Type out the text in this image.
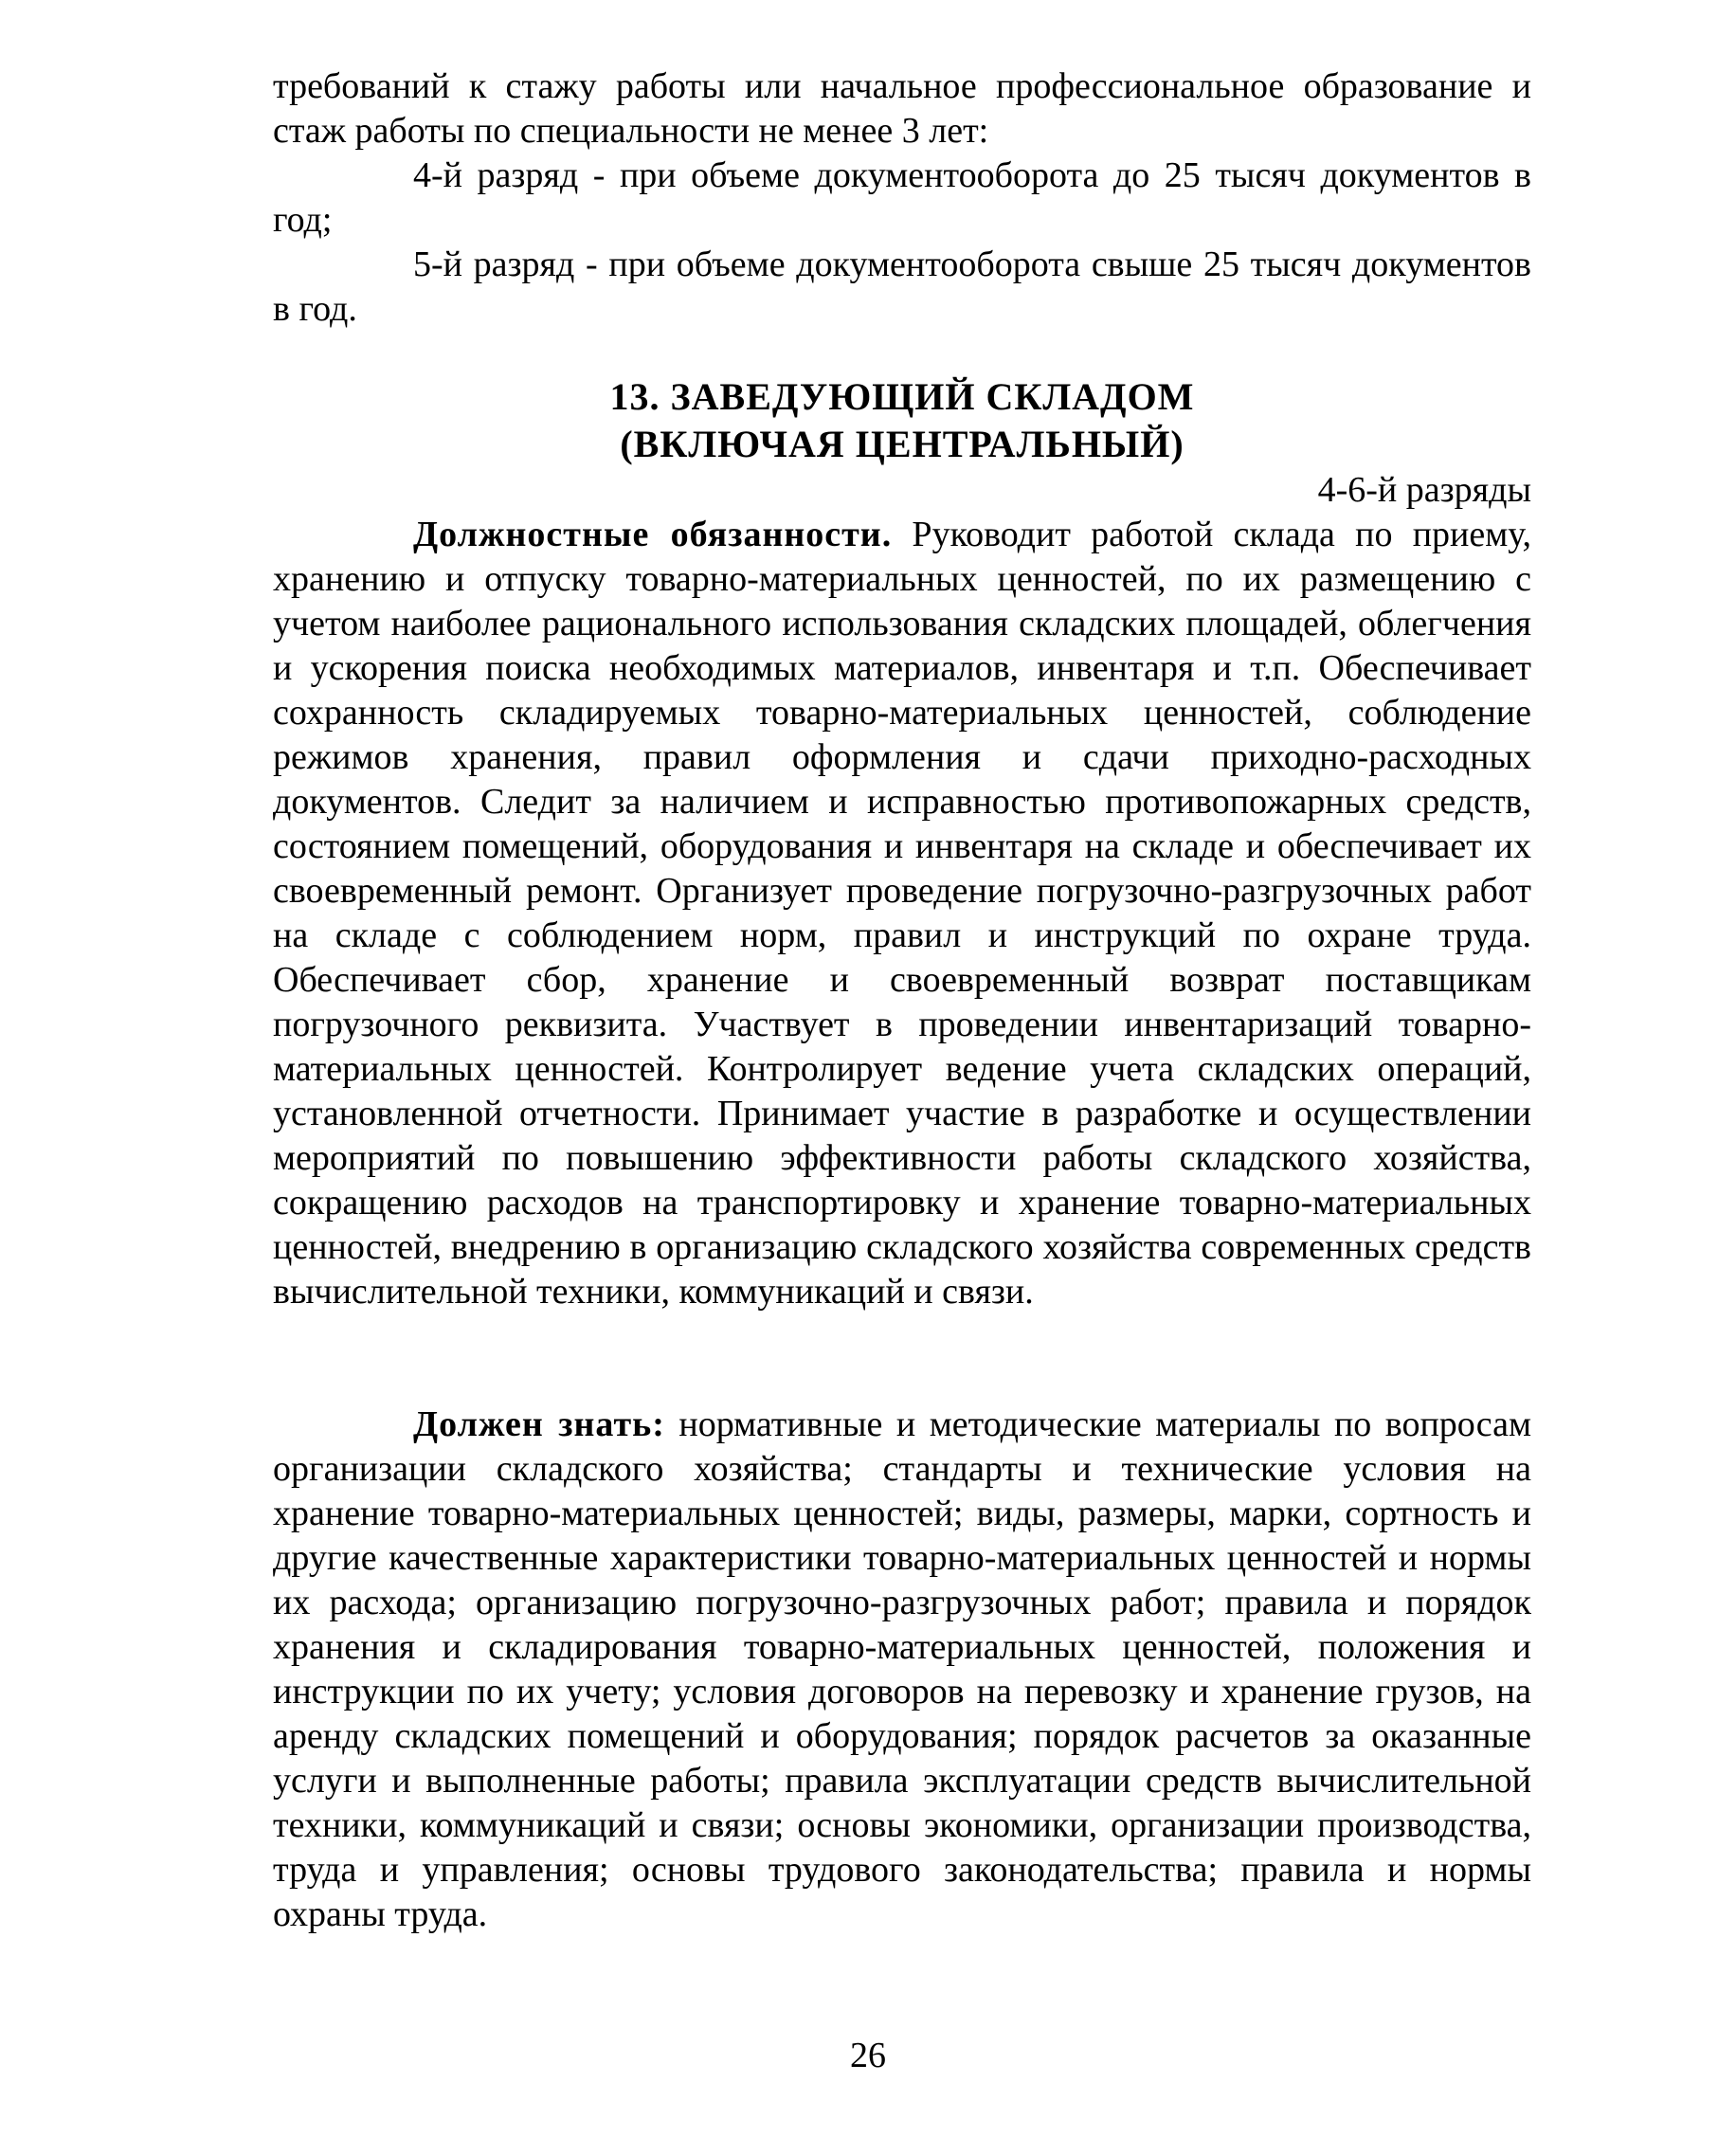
требований к стажу работы или начальное профессиональное образование и стаж работы по специальности не менее 3 лет:

4-й разряд - при объеме документооборота до 25 тысяч документов в год;

5-й разряд - при объеме документооборота свыше 25 тысяч документов в год.

13. ЗАВЕДУЮЩИЙ СКЛАДОМ
(ВКЛЮЧАЯ ЦЕНТРАЛЬНЫЙ)
4-6-й разряды

Должностные обязанности. Руководит работой склада по приему, хранению и отпуску товарно-материальных ценностей, по их размещению с учетом наиболее рационального использования складских площадей, облегчения и ускорения поиска необходимых материалов, инвентаря и т.п. Обеспечивает сохранность складируемых товарно-материальных ценностей, соблюдение режимов хранения, правил оформления и сдачи приходно-расходных документов. Следит за наличием и исправностью противопожарных средств, состоянием помещений, оборудования и инвентаря на складе и обеспечивает их своевременный ремонт. Организует проведение погрузочно-разгрузочных работ на складе с соблюдением норм, правил и инструкций по охране труда. Обеспечивает сбор, хранение и своевременный возврат поставщикам погрузочного реквизита. Участвует в проведении инвентаризаций товарно-материальных ценностей. Контролирует ведение учета складских операций, установленной отчетности. Принимает участие в разработке и осуществлении мероприятий по повышению эффективности работы складского хозяйства, сокращению расходов на транспортировку и хранение товарно-материальных ценностей, внедрению в организацию складского хозяйства современных средств вычислительной техники, коммуникаций и связи.

Должен знать: нормативные и методические материалы по вопросам организации складского хозяйства; стандарты и технические условия на хранение товарно-материальных ценностей; виды, размеры, марки, сортность и другие качественные характеристики товарно-материальных ценностей и нормы их расхода; организацию погрузочно-разгрузочных работ; правила и порядок хранения и складирования товарно-материальных ценностей, положения и инструкции по их учету; условия договоров на перевозку и хранение грузов, на аренду складских помещений и оборудования; порядок расчетов за оказанные услуги и выполненные работы; правила эксплуатации средств вычислительной техники, коммуникаций и связи; основы экономики, организации производства, труда и управления; основы трудового законодательства; правила и нормы охраны труда.

26
